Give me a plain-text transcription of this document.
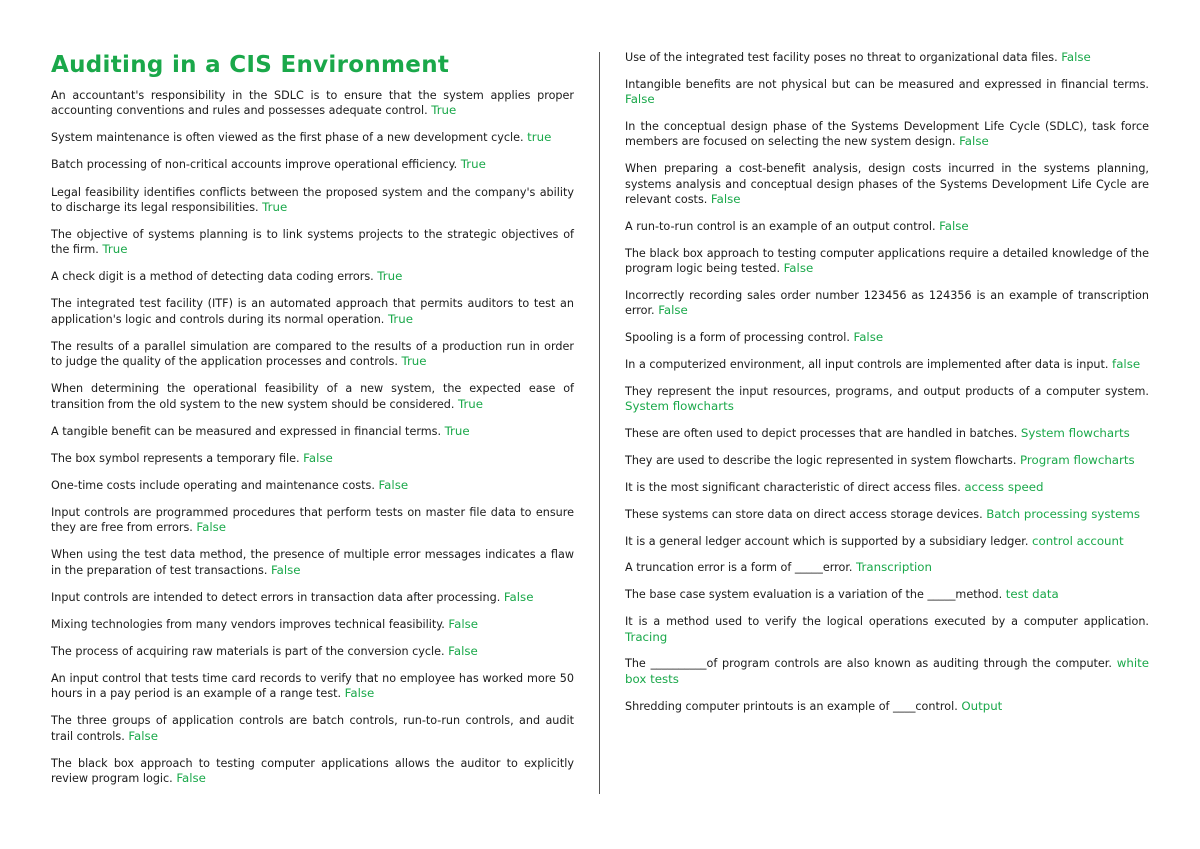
Auditing in a CIS Environment

An accountant's responsibility in the SDLC is to ensure that the system applies proper accounting conventions and rules and possesses adequate control. True

System maintenance is often viewed as the first phase of a new development cycle. true

Batch processing of non-critical accounts improve operational efficiency. True

Legal feasibility identifies conflicts between the proposed system and the company's ability to discharge its legal responsibilities. True

The objective of systems planning is to link systems projects to the strategic objectives of the firm. True

A check digit is a method of detecting data coding errors. True

The integrated test facility (ITF) is an automated approach that permits auditors to test an application's logic and controls during its normal operation. True

The results of a parallel simulation are compared to the results of a production run in order to judge the quality of the application processes and controls. True

When determining the operational feasibility of a new system, the expected ease of transition from the old system to the new system should be considered. True

A tangible benefit can be measured and expressed in financial terms. True

The box symbol represents a temporary file. False

One-time costs include operating and maintenance costs. False

Input controls are programmed procedures that perform tests on master file data to ensure they are free from errors. False

When using the test data method, the presence of multiple error messages indicates a flaw in the preparation of test transactions. False

Input controls are intended to detect errors in transaction data after processing. False

Mixing technologies from many vendors improves technical feasibility. False

The process of acquiring raw materials is part of the conversion cycle. False

An input control that tests time card records to verify that no employee has worked more 50 hours in a pay period is an example of a range test. False

The three groups of application controls are batch controls, run-to-run controls, and audit trail controls. False

The black box approach to testing computer applications allows the auditor to explicitly review program logic. False

Use of the integrated test facility poses no threat to organizational data files. False

Intangible benefits are not physical but can be measured and expressed in financial terms. False

In the conceptual design phase of the Systems Development Life Cycle (SDLC), task force members are focused on selecting the new system design. False

When preparing a cost-benefit analysis, design costs incurred in the systems planning, systems analysis and conceptual design phases of the Systems Development Life Cycle are relevant costs. False

A run-to-run control is an example of an output control. False

The black box approach to testing computer applications require a detailed knowledge of the program logic being tested. False

Incorrectly recording sales order number 123456 as 124356 is an example of transcription error. False

Spooling is a form of processing control. False

In a computerized environment, all input controls are implemented after data is input. false

They represent the input resources, programs, and output products of a computer system. System flowcharts

These are often used to depict processes that are handled in batches. System flowcharts

They are used to describe the logic represented in system flowcharts. Program flowcharts

It is the most significant characteristic of direct access files. access speed

These systems can store data on direct access storage devices. Batch processing systems

It is a general ledger account which is supported by a subsidiary ledger. control account

A truncation error is a form of _____error. Transcription

The base case system evaluation is a variation of the _____method. test data

It is a method used to verify the logical operations executed by a computer application. Tracing

The __________of program controls are also known as auditing through the computer. white box tests

Shredding computer printouts is an example of ____control. Output
